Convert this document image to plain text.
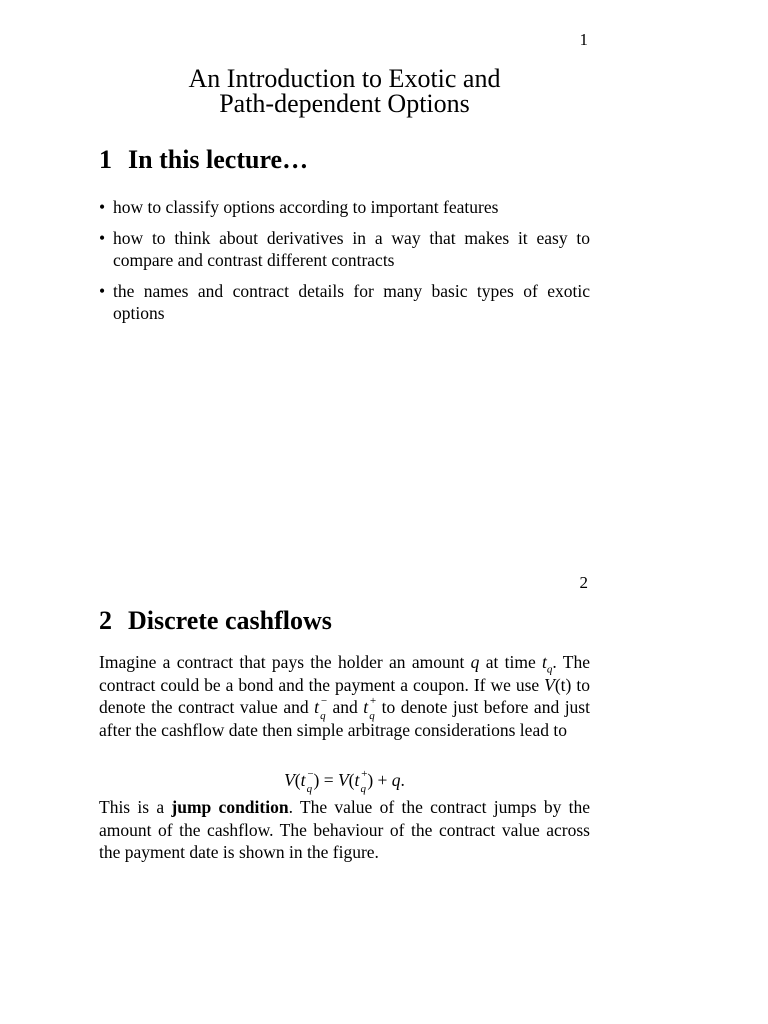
1
An Introduction to Exotic and
Path-dependent Options
1 In this lecture…
• how to classify options according to important features
• how to think about derivatives in a way that makes it easy to compare and contrast different contracts
• the names and contract details for many basic types of exotic options
2
2 Discrete cashflows

Imagine a contract that pays the holder an amount q at time $t_q$. The contract could be a bond and the payment a coupon. If we use V(t) to denote the contract value and t −
q and t +
q to denote just before and just after the cashflow date then simple arbitrage considerations lead to

V(t −
q ) = V(t +
q ) + q.

This is a jump condition. The value of the contract jumps by the amount of the cashflow. The behaviour of the contract value across the payment date is shown in the figure.
